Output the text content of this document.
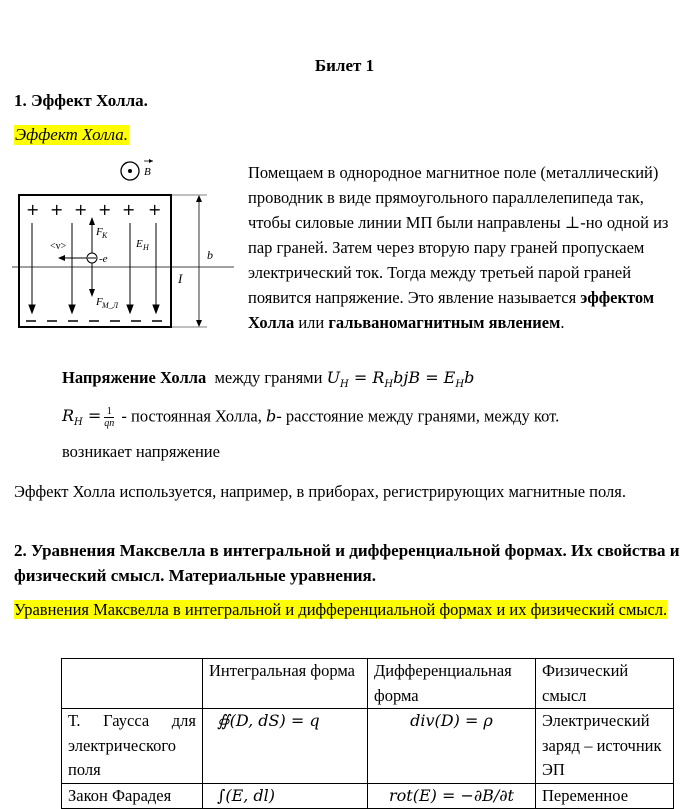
Билет 1
1. Эффект Холла.
Эффект Холла.
B
+ + + + + +
-e
<v>
F K
F М_Л
E H
b
I
Помещаем в однородное магнитное поле (металлический) проводник в виде прямоугольного параллелепипеда так, чтобы силовые линии МП были направлены ⊥-но одной из пар граней. Затем через вторую пару граней пропускаем электрический ток. Тогда между третьей парой граней появится напряжение. Это явление называется эффектом Холла или гальваномагнитным явлением.
Напряжение Холла  между гранями $U_H = R_HbjB = E_Hb$
$R_H = \frac{1}{qn}$ - постоянная Холла, b- расстояние между гранями, между кот.
возникает напряжение
Эффект Холла используется, например, в приборах, регистрирующих магнитные поля.
2. Уравнения Максвелла в интегральной и дифференциальной формах. Их свойства и физический смысл. Материальные уравнения.
Уравнения Максвелла в интегральной и дифференциальной формах и их физический смысл.
	Интегральная форма	Дифференциальная форма	Физический смысл
Т. Гаусса для электрического поля	∯(D, dS) = q	div(D) = ρ	Электрический заряд – источник ЭП
Закон Фарадея	∫(E, dl)	rot(E) = −∂B/∂t	Переменное
